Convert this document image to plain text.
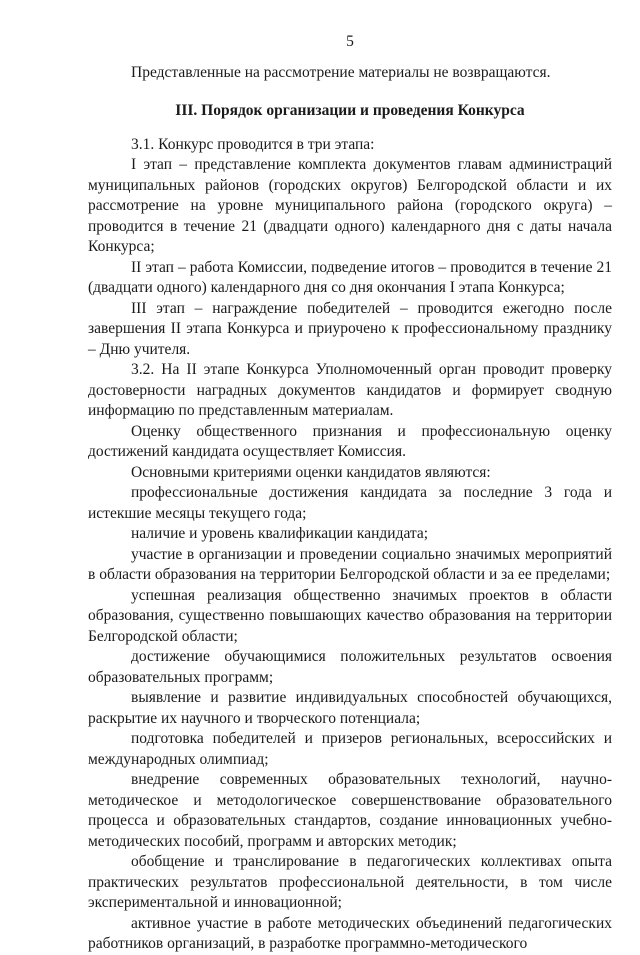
5

Представленные на рассмотрение материалы не возвращаются.

III. Порядок организации и проведения Конкурса

3.1. Конкурс проводится в три этапа:

I этап – представление комплекта документов главам администраций муниципальных районов (городских округов) Белгородской области и их рассмотрение на уровне муниципального района (городского округа) – проводится в течение 21 (двадцати одного) календарного дня с даты начала Конкурса;

II этап – работа Комиссии, подведение итогов – проводится в течение 21 (двадцати одного) календарного дня со дня окончания I этапа Конкурса;

III этап – награждение победителей – проводится ежегодно после завершения II этапа Конкурса и приурочено к профессиональному празднику – Дню учителя.

3.2. На II этапе Конкурса Уполномоченный орган проводит проверку достоверности наградных документов кандидатов и формирует сводную информацию по представленным материалам.

Оценку общественного признания и профессиональную оценку достижений кандидата осуществляет Комиссия.

Основными критериями оценки кандидатов являются:

профессиональные достижения кандидата за последние 3 года и истекшие месяцы текущего года;

наличие и уровень квалификации кандидата;

участие в организации и проведении социально значимых мероприятий в области образования на территории Белгородской области и за ее пределами;

успешная реализация общественно значимых проектов в области образования, существенно повышающих качество образования на территории Белгородской области;

достижение обучающимися положительных результатов освоения образовательных программ;

выявление и развитие индивидуальных способностей обучающихся, раскрытие их научного и творческого потенциала;

подготовка победителей и призеров региональных, всероссийских и международных олимпиад;

внедрение современных образовательных технологий, научно-методическое и методологическое совершенствование образовательного процесса и образовательных стандартов, создание инновационных учебно-методических пособий, программ и авторских методик;

обобщение и транслирование в педагогических коллективах опыта практических результатов профессиональной деятельности, в том числе экспериментальной и инновационной;

активное участие в работе методических объединений педагогических работников организаций, в разработке программно-методического
